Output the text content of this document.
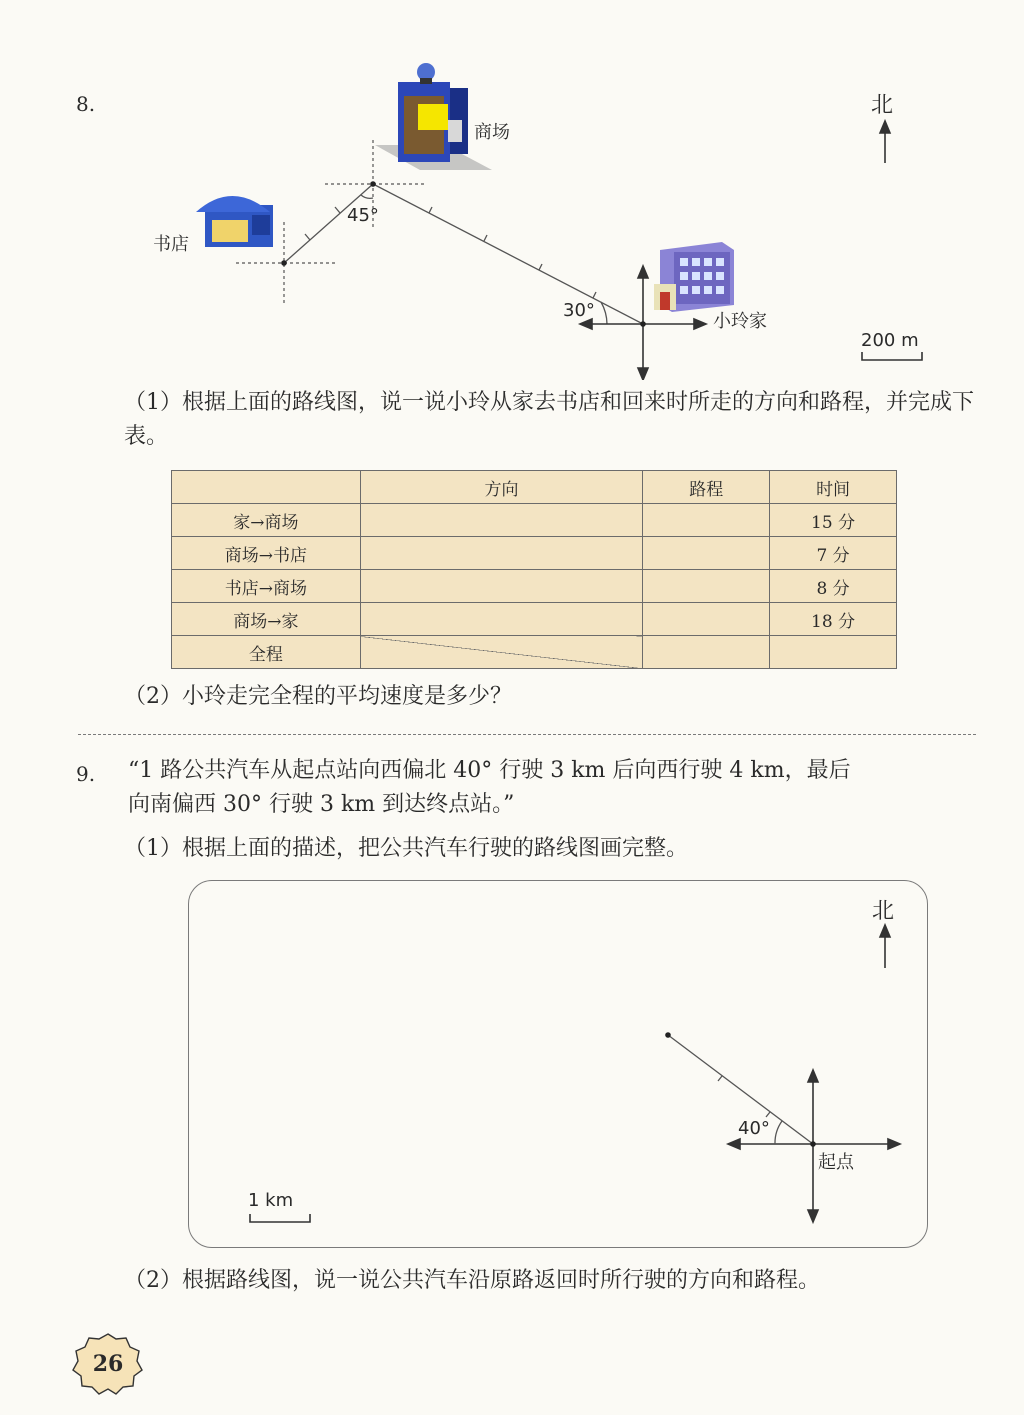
8.
商场
书店
小玲家
45°
30°
北
200 m
（1）根据上面的路线图，说一说小玲从家去书店和回来时所走的方向和路程，并完成下表。
	方向	路程	时间
家→商场			15 分
商场→书店			7 分
书店→商场			8 分
商场→家			18 分
全程			
（2）小玲走完全程的平均速度是多少？
9. “1 路公共汽车从起点站向西偏北 40° 行驶 3 km 后向西行驶 4 km，最后
向南偏西 30° 行驶 3 km 到达终点站。”
（1）根据上面的描述，把公共汽车行驶的路线图画完整。
北
40°
起点
1 km
（2）根据路线图，说一说公共汽车沿原路返回时所行驶的方向和路程。
26
